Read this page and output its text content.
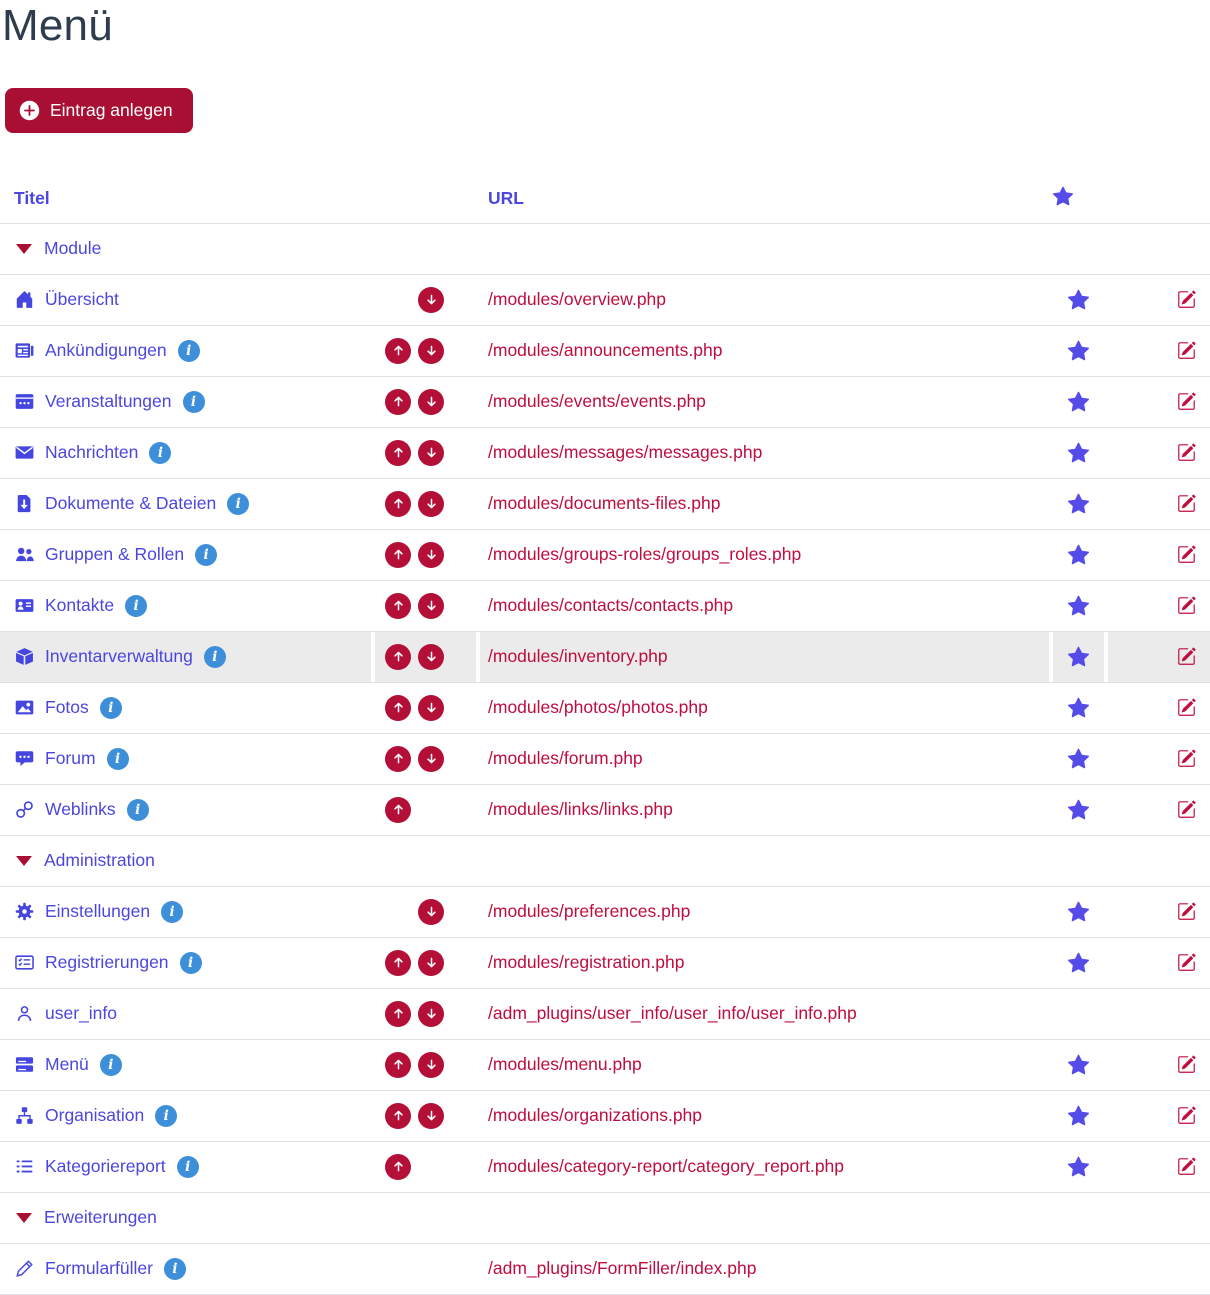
Menü
Eintrag anlegen
Titel	URL
Module
Übersicht	/modules/overview.php
Ankündigungen	i	/modules/announcements.php
Veranstaltungen	i	/modules/events/events.php
Nachrichten	i	/modules/messages/messages.php
Dokumente & Dateien	i	/modules/documents-files.php
Gruppen & Rollen	i	/modules/groups-roles/groups_roles.php
Kontakte	i	/modules/contacts/contacts.php
Inventarverwaltung	i	/modules/inventory.php
Fotos	i	/modules/photos/photos.php
Forum	i	/modules/forum.php
Weblinks	i	/modules/links/links.php
Administration
Einstellungen	i	/modules/preferences.php
Registrierungen	i	/modules/registration.php
user_info	/adm_plugins/user_info/user_info/user_info.php
Menü	i	/modules/menu.php
Organisation	i	/modules/organizations.php
Kategoriereport	i	/modules/category-report/category_report.php
Erweiterungen
Formularfüller	i	/adm_plugins/FormFiller/index.php
